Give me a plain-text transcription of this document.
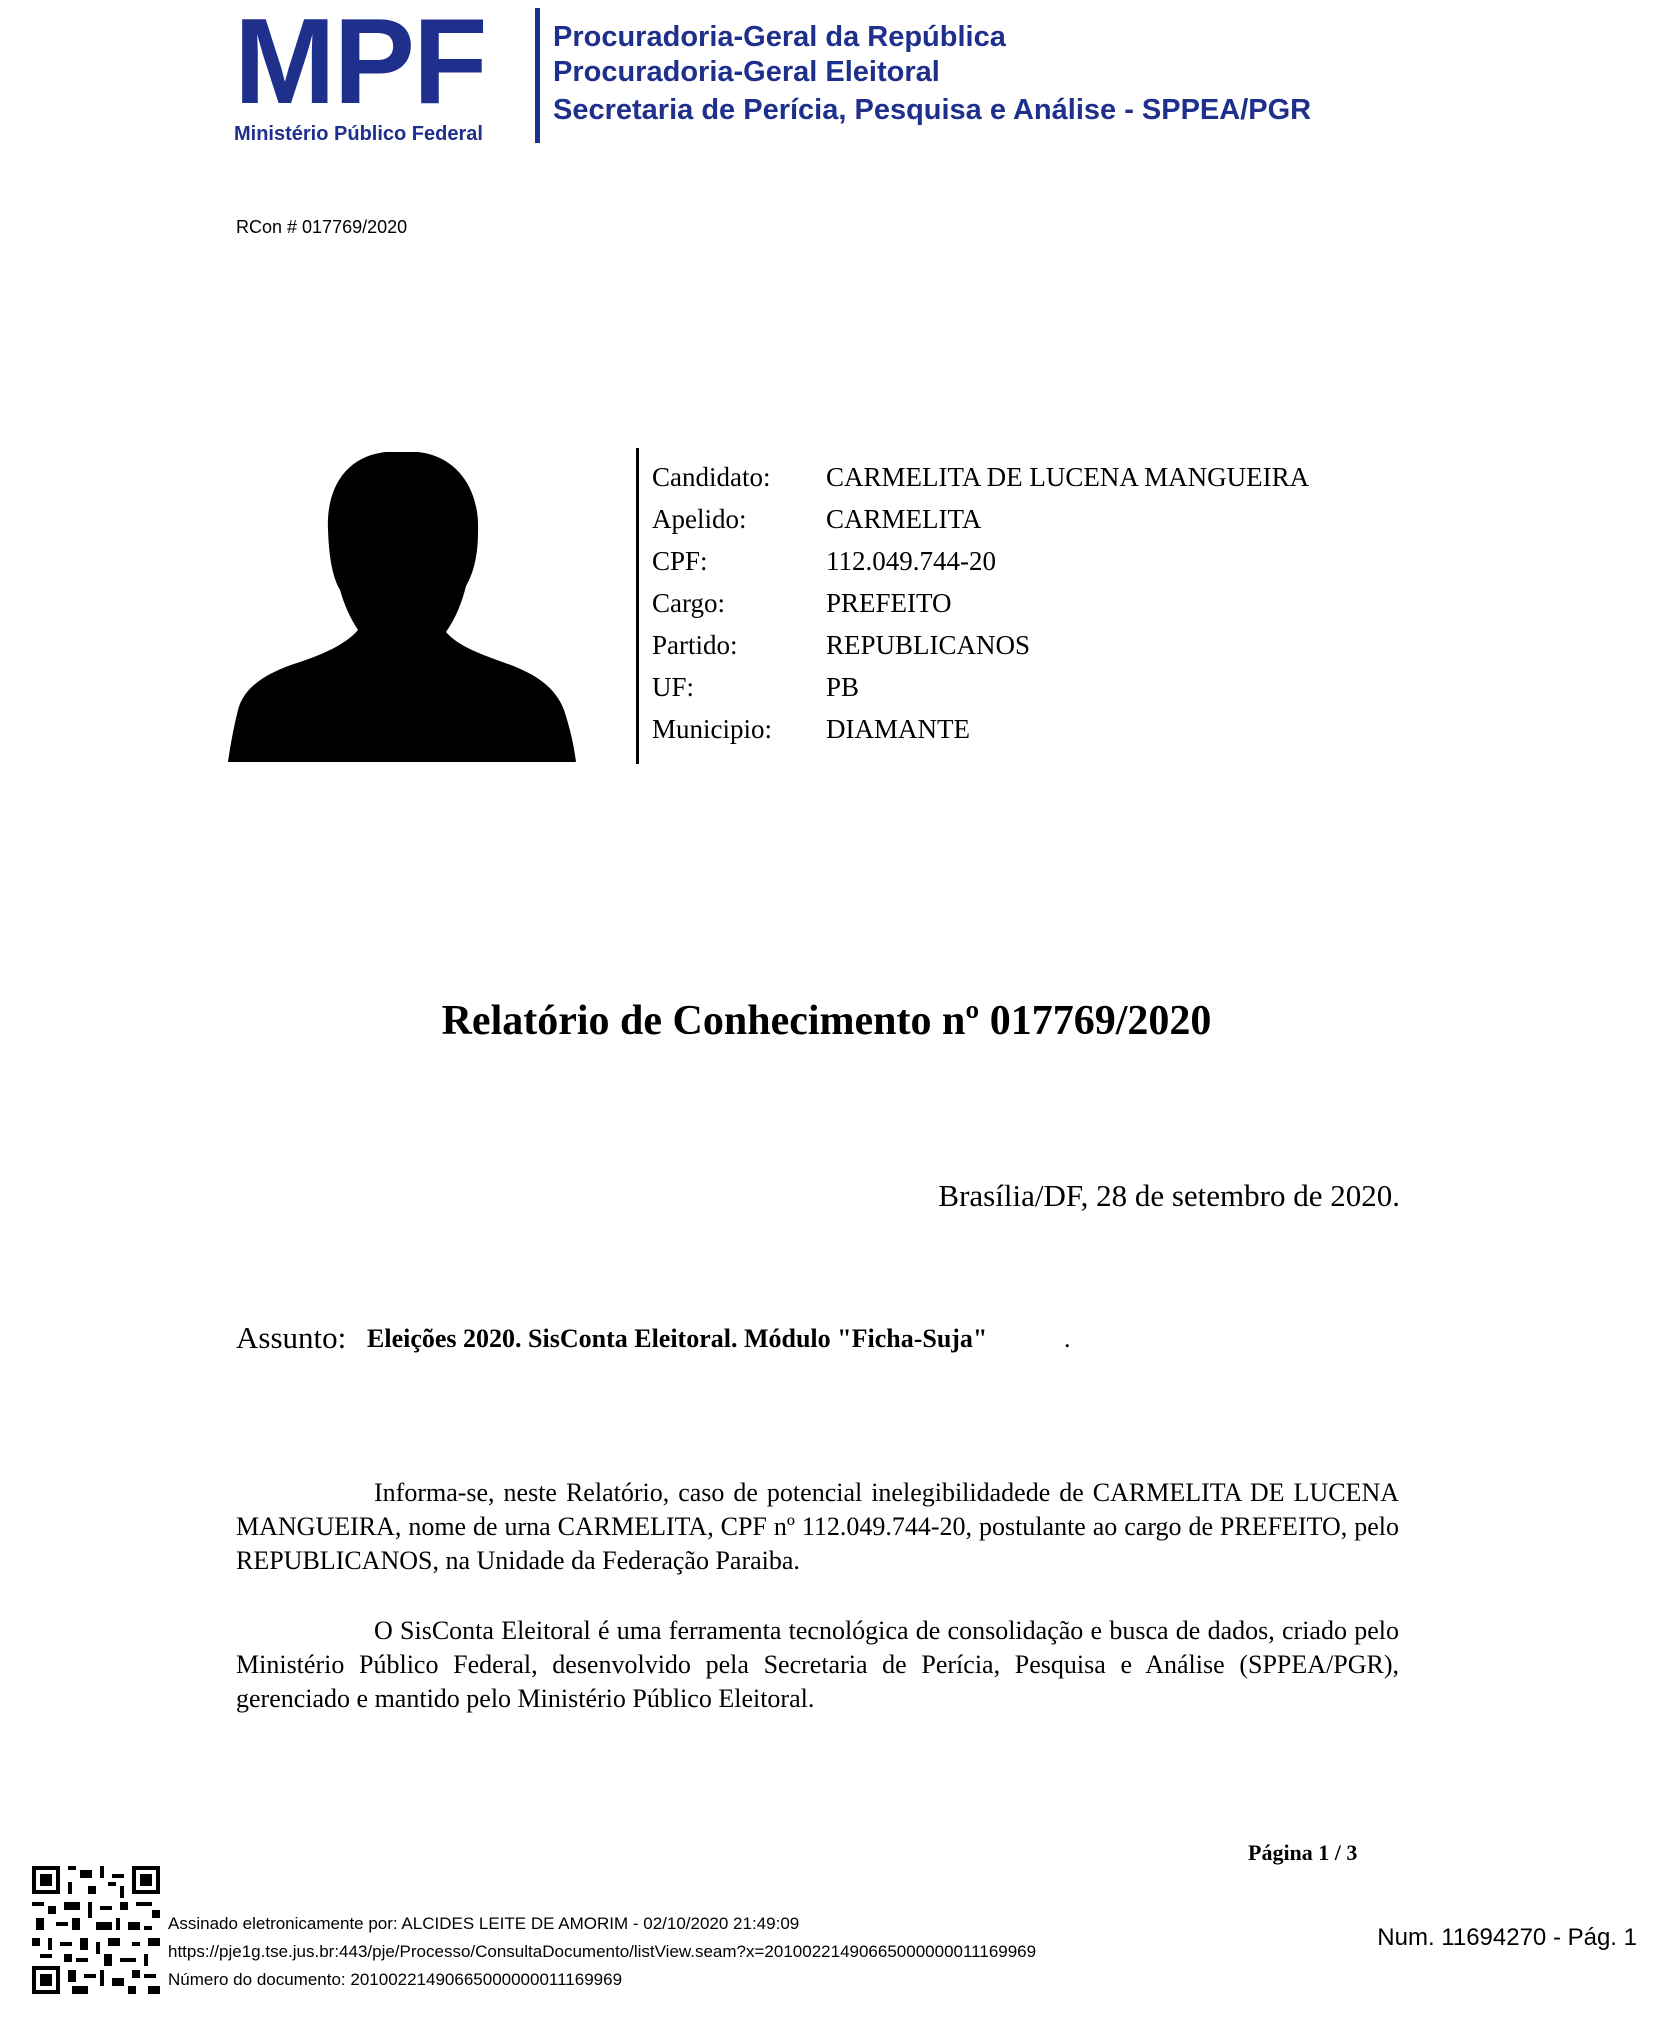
MPF
Ministério Público Federal
Procuradoria-Geral da República
Procuradoria-Geral Eleitoral
Secretaria de Perícia, Pesquisa e Análise - SPPEA/PGR
RCon # 017769/2020
Candidato: CARMELITA DE LUCENA MANGUEIRA
Apelido:	CARMELITA
CPF:	112.049.744-20
Cargo:	PREFEITO
Partido:	REPUBLICANOS
UF:	PB
Municipio: DIAMANTE
Relatório de Conhecimento nº 017769/2020
Brasília/DF, 28 de setembro de 2020.
Assunto: Eleições 2020. SisConta Eleitoral. Módulo "Ficha-Suja"	.

Informa-se, neste Relatório, caso de potencial inelegibilidadede de CARMELITA DE LUCENA MANGUEIRA, nome de urna CARMELITA, CPF nº 112.049.744-20, postulante ao cargo de PREFEITO, pelo REPUBLICANOS, na Unidade da Federação Paraiba.

O SisConta Eleitoral é uma ferramenta tecnológica de consolidação e busca de dados, criado pelo Ministério Público Federal, desenvolvido pela Secretaria de Perícia, Pesquisa e Análise (SPPEA/PGR), gerenciado e mantido pelo Ministério Público Eleitoral.

Página 1 / 3
Assinado eletronicamente por: ALCIDES LEITE DE AMORIM - 02/10/2020 21:49:09
https://pje1g.tse.jus.br:443/pje/Processo/ConsultaDocumento/listView.seam?x=20100221490665000000011169969
Número do documento: 20100221490665000000011169969
Num. 11694270 - Pág. 1
